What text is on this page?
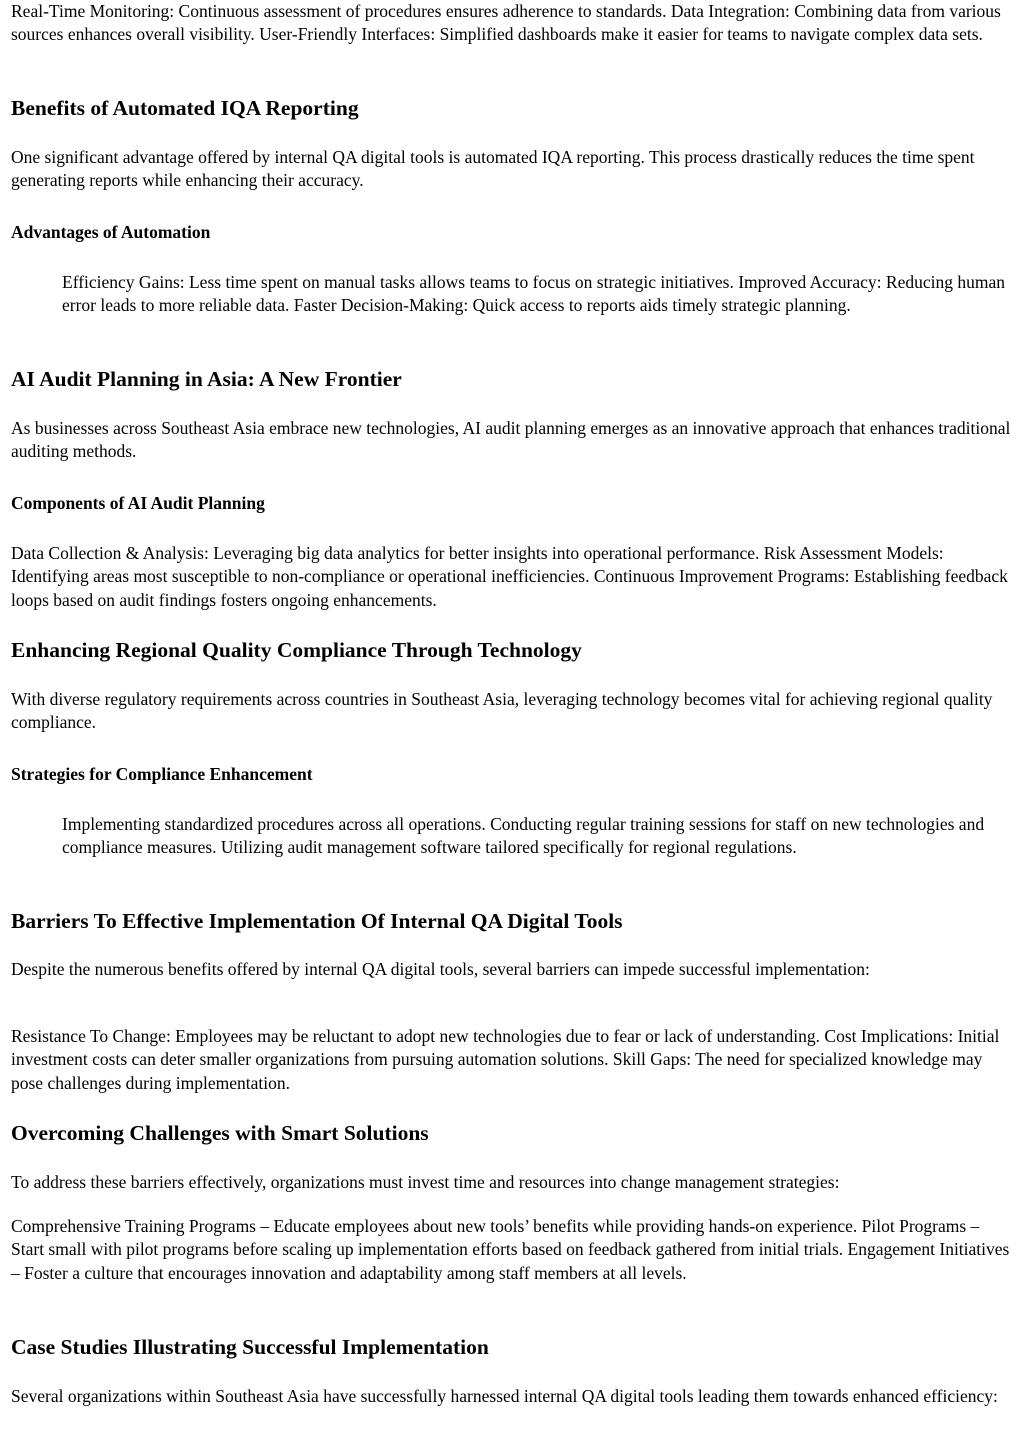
Real-Time Monitoring: Continuous assessment of procedures ensures adherence to standards. Data Integration: Combining data from various sources enhances overall visibility. User-Friendly Interfaces: Simplified dashboards make it easier for teams to navigate complex data sets.

Benefits of Automated IQA Reporting

One significant advantage offered by internal QA digital tools is automated IQA reporting. This process drastically reduces the time spent generating reports while enhancing their accuracy.

Advantages of Automation

Efficiency Gains: Less time spent on manual tasks allows teams to focus on strategic initiatives. Improved Accuracy: Reducing human error leads to more reliable data. Faster Decision-Making: Quick access to reports aids timely strategic planning.

AI Audit Planning in Asia: A New Frontier

As businesses across Southeast Asia embrace new technologies, AI audit planning emerges as an innovative approach that enhances traditional auditing methods.

Components of AI Audit Planning

Data Collection & Analysis: Leveraging big data analytics for better insights into operational performance. Risk Assessment Models: Identifying areas most susceptible to non-compliance or operational inefficiencies. Continuous Improvement Programs: Establishing feedback loops based on audit findings fosters ongoing enhancements.

Enhancing Regional Quality Compliance Through Technology

With diverse regulatory requirements across countries in Southeast Asia, leveraging technology becomes vital for achieving regional quality compliance.

Strategies for Compliance Enhancement

Implementing standardized procedures across all operations. Conducting regular training sessions for staff on new technologies and compliance measures. Utilizing audit management software tailored specifically for regional regulations.

Barriers To Effective Implementation Of Internal QA Digital Tools

Despite the numerous benefits offered by internal QA digital tools, several barriers can impede successful implementation:

Resistance To Change: Employees may be reluctant to adopt new technologies due to fear or lack of understanding. Cost Implications: Initial investment costs can deter smaller organizations from pursuing automation solutions. Skill Gaps: The need for specialized knowledge may pose challenges during implementation.

Overcoming Challenges with Smart Solutions

To address these barriers effectively, organizations must invest time and resources into change management strategies:

Comprehensive Training Programs – Educate employees about new tools’ benefits while providing hands-on experience. Pilot Programs – Start small with pilot programs before scaling up implementation efforts based on feedback gathered from initial trials. Engagement Initiatives – Foster a culture that encourages innovation and adaptability among staff members at all levels.

Case Studies Illustrating Successful Implementation

Several organizations within Southeast Asia have successfully harnessed internal QA digital tools leading them towards enhanced efficiency:
